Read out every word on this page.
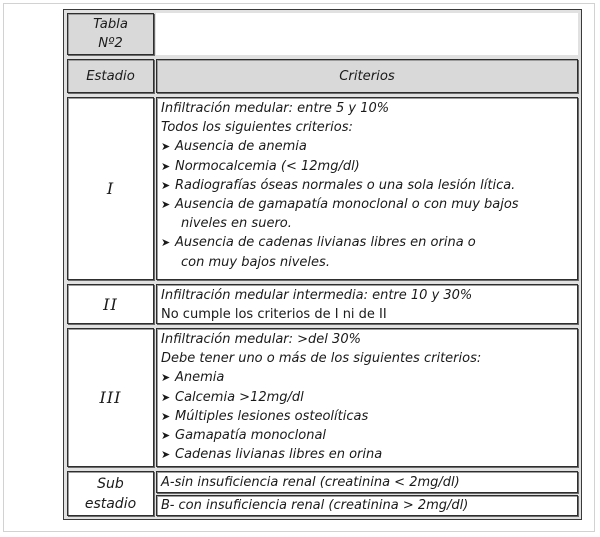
Tabla
Nº2
Estadio	Criterios
I

Infiltración medular: entre 5 y 10%

Todos los siguientes criterios:

➤ Ausencia de anemia

➤ Normocalcemia (< 12mg/dl)

➤ Radiografías óseas normales o una sola lesión lítica.

➤ Ausencia de gamapatía monoclonal o con muy bajos

niveles en suero.

➤ Ausencia de cadenas livianas libres en orina o

con muy bajos niveles.

II	Infiltración medular intermedia: entre 10 y 30%

No cumple los criterios de I ni de II

III

Infiltración medular: >del 30%

Debe tener uno o más de los siguientes criterios:

➤ Anemia

➤ Calcemia >12mg/dl

➤ Múltiples lesiones osteolíticas

➤ Gamapatía monoclonal

➤ Cadenas livianas libres en orina

Sub
estadio

A-sin insuficiencia renal (creatinina < 2mg/dl)

B- con insuficiencia renal (creatinina > 2mg/dl)
